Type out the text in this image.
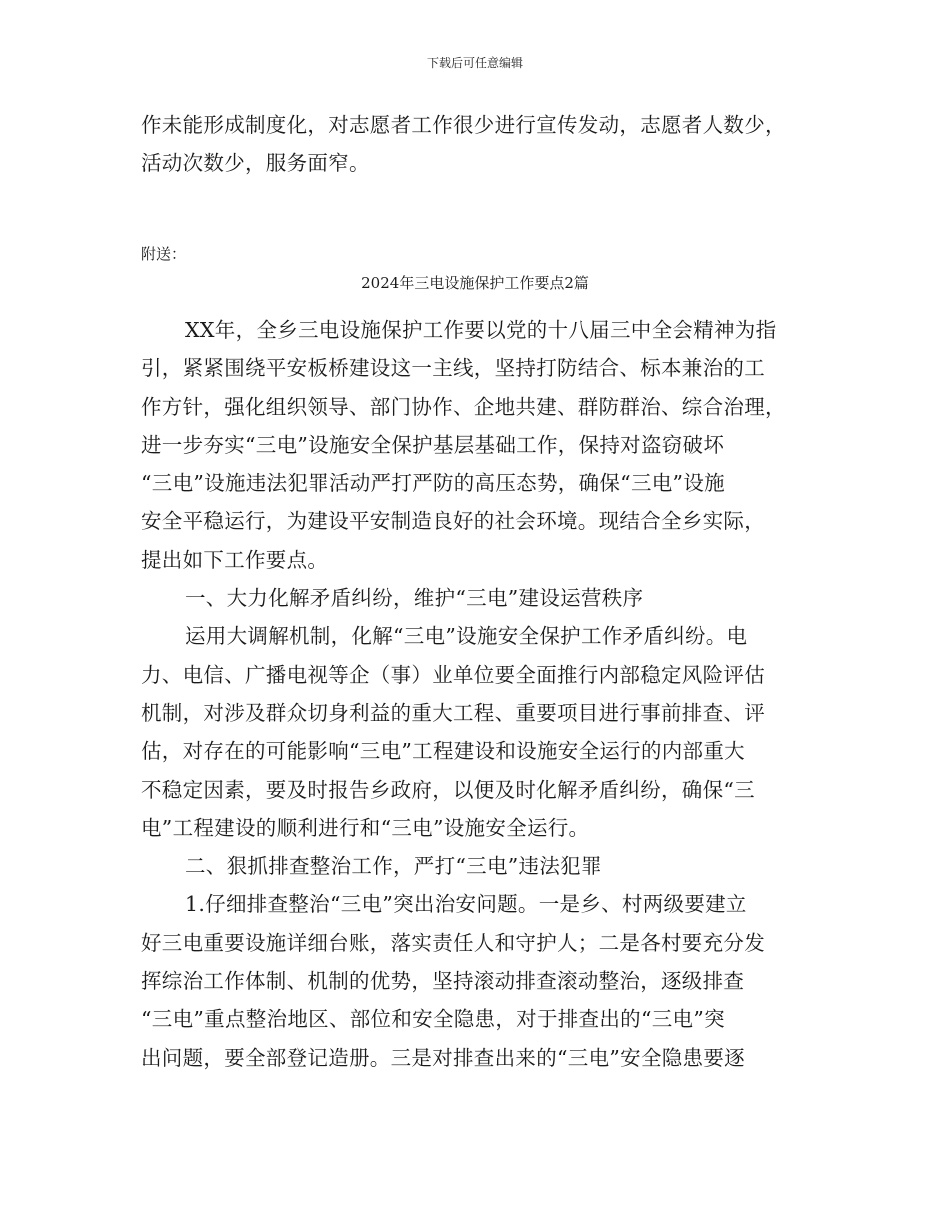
下载后可任意编辑

作未能形成制度化，对志愿者工作很少进行宣传发动，志愿者人数少，
活动次数少，服务面窄。

附送：
2024年三电设施保护工作要点2篇

XX年，全乡三电设施保护工作要以党的十八届三中全会精神为指
引，紧紧围绕平安板桥建设这一主线，坚持打防结合、标本兼治的工
作方针，强化组织领导、部门协作、企地共建、群防群治、综合治理，
进一步夯实“三电”设施安全保护基层基础工作，保持对盗窃破坏
“三电”设施违法犯罪活动严打严防的高压态势，确保“三电”设施
安全平稳运行，为建设平安制造良好的社会环境。现结合全乡实际，
提出如下工作要点。

一、大力化解矛盾纠纷，维护“三电”建设运营秩序

运用大调解机制，化解“三电”设施安全保护工作矛盾纠纷。电
力、电信、广播电视等企（事）业单位要全面推行内部稳定风险评估
机制，对涉及群众切身利益的重大工程、重要项目进行事前排查、评
估，对存在的可能影响“三电”工程建设和设施安全运行的内部重大
不稳定因素，要及时报告乡政府，以便及时化解矛盾纠纷，确保“三
电”工程建设的顺利进行和“三电”设施安全运行。

二、狠抓排查整治工作，严打“三电”违法犯罪

1.仔细排查整治“三电”突出治安问题。一是乡、村两级要建立
好三电重要设施详细台账，落实责任人和守护人；二是各村要充分发
挥综治工作体制、机制的优势，坚持滚动排查滚动整治，逐级排查
“三电”重点整治地区、部位和安全隐患，对于排查出的“三电”突
出问题，要全部登记造册。三是对排查出来的“三电”安全隐患要逐
